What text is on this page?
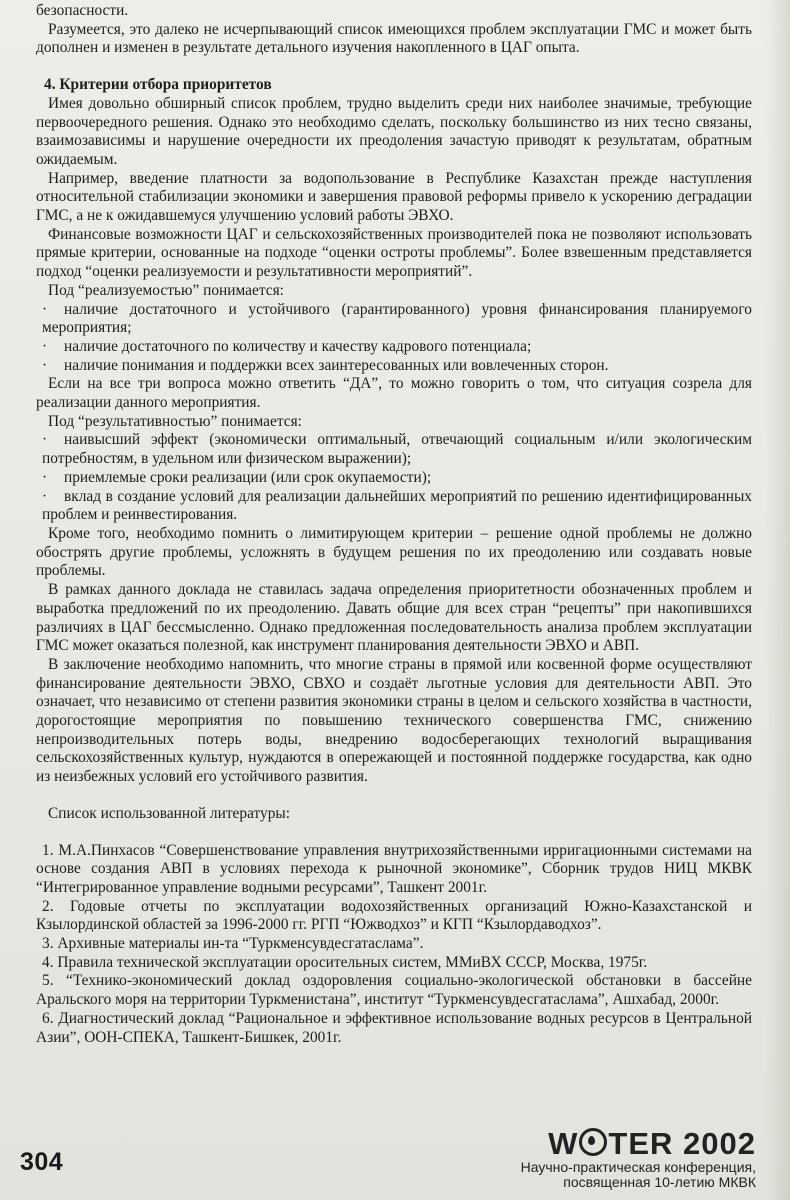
безопасности.

Разумеется, это далеко не исчерпывающий список имеющихся проблем эксплуатации ГМС и может быть дополнен и изменен в результате детального изучения накопленного в ЦАГ опыта.

4. Критерии отбора приоритетов

Имея довольно обширный список проблем, трудно выделить среди них наиболее значимые, требующие первоочередного решения. Однако это необходимо сделать, поскольку большинство из них тесно связаны, взаимозависимы и нарушение очередности их преодоления зачастую приводят к результатам, обратным ожидаемым.

Например, введение платности за водопользование в Республике Казахстан прежде наступления относительной стабилизации экономики и завершения правовой реформы привело к ускорению деградации ГМС, а не к ожидавшемуся улучшению условий работы ЭВХО.

Финансовые возможности ЦАГ и сельскохозяйственных производителей пока не позволяют использовать прямые критерии, основанные на подходе “оценки остроты проблемы”. Более взвешенным представляется подход “оценки реализуемости и результативности мероприятий”.

Под “реализуемостью” понимается:

· наличие достаточного и устойчивого (гарантированного) уровня финансирования планируемого мероприятия;

· наличие достаточного по количеству и качеству кадрового потенциала;

· наличие понимания и поддержки всех заинтересованных или вовлеченных сторон.

Если на все три вопроса можно ответить “ДА”, то можно говорить о том, что ситуация созрела для реализации данного мероприятия.

Под “результативностью” понимается:

· наивысший эффект (экономически оптимальный, отвечающий социальным и/или экологическим потребностям, в удельном или физическом выражении);

· приемлемые сроки реализации (или срок окупаемости);

· вклад в создание условий для реализации дальнейших мероприятий по решению идентифицированных проблем и реинвестирования.

Кроме того, необходимо помнить о лимитирующем критерии – решение одной проблемы не должно обострять другие проблемы, усложнять в будущем решения по их преодолению или создавать новые проблемы.

В рамках данного доклада не ставилась задача определения приоритетности обозначенных проблем и выработка предложений по их преодолению. Давать общие для всех стран “рецепты” при накопившихся различиях в ЦАГ бессмысленно. Однако предложенная последовательность анализа проблем эксплуатации ГМС может оказаться полезной, как инструмент планирования деятельности ЭВХО и АВП.

В заключение необходимо напомнить, что многие страны в прямой или косвенной форме осуществляют финансирование деятельности ЭВХО, СВХО и создаёт льготные условия для деятельности АВП. Это означает, что независимо от степени развития экономики страны в целом и сельского хозяйства в частности, дорогостоящие мероприятия по повышению технического совершенства ГМС, снижению непроизводительных потерь воды, внедрению водосберегающих технологий выращивания сельскохозяйственных культур, нуждаются в опережающей и постоянной поддержке государства, как одно из неизбежных условий его устойчивого развития.

Список использованной литературы:

1. М.А.Пинхасов “Совершенствование управления внутрихозяйственными ирригационными системами на основе создания АВП в условиях перехода к рыночной экономике”, Сборник трудов НИЦ МКВК “Интегрированное управление водными ресурсами”, Ташкент 2001г.

2. Годовые отчеты по эксплуатации водохозяйственных организаций Южно-Казахстанской и Кзылординской областей за 1996-2000 гг. РГП “Южводхоз” и КГП “Кзылордаводхоз”.

3. Архивные материалы ин-та “Туркменсувдесгатаслама”.

4. Правила технической эксплуатации оросительных систем, ММиВХ СССР, Москва, 1975г.

5. “Технико-экономический доклад оздоровления социально-экологической обстановки в бассейне Аральского моря на территории Туркменистана”, институт “Туркменсувдесгатаслама”, Ашхабад, 2000г.

6. Диагностический доклад “Рациональное и эффективное использование водных ресурсов в Центральной Азии”, ООН-СПЕКА, Ташкент-Бишкек, 2001г.

304
W TER 2002
Научно-практическая конференция,
посвященная 10-летию МКВК
